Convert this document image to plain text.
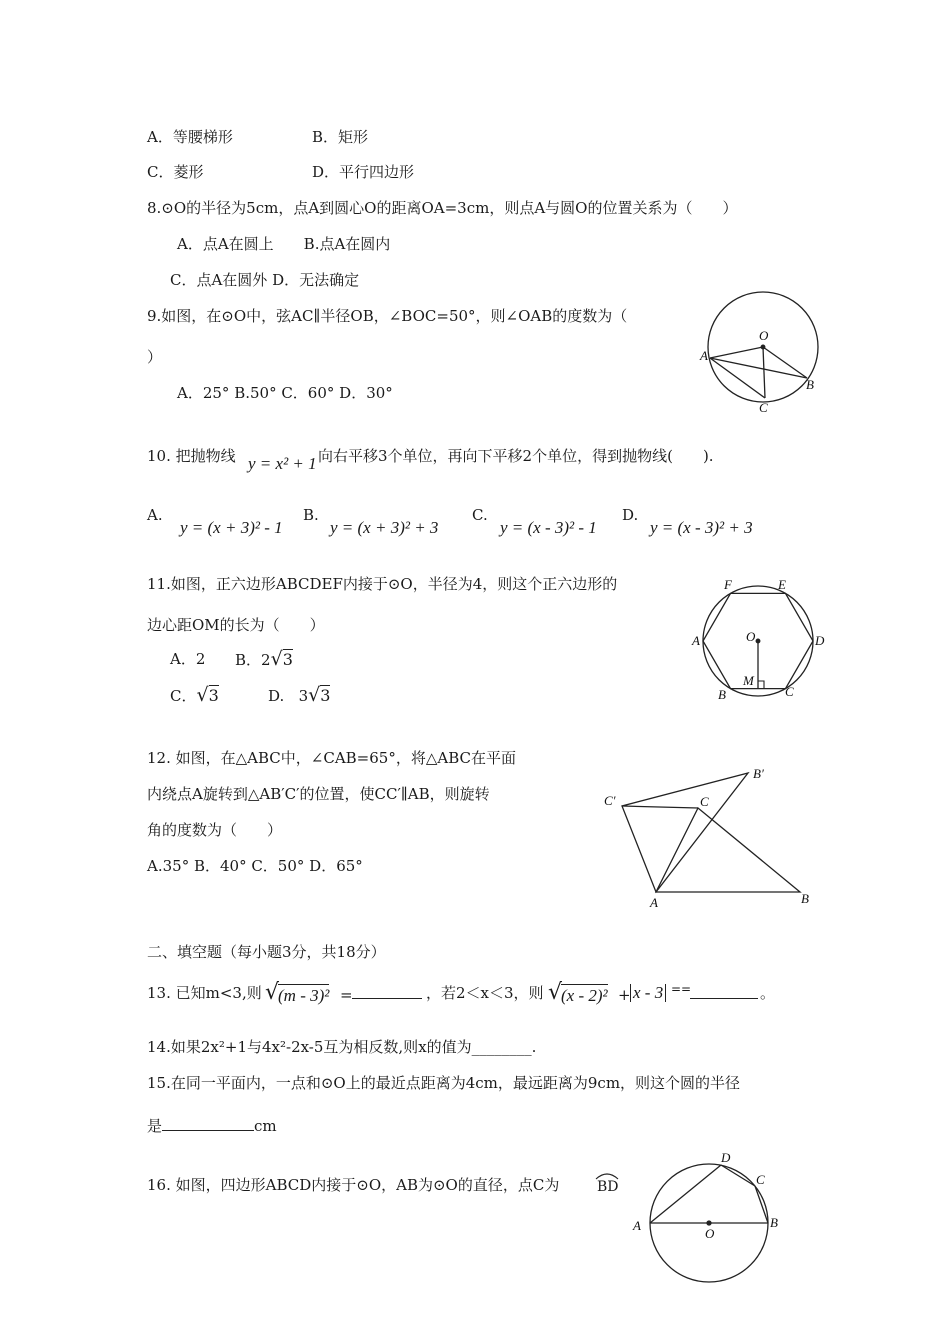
A．等腰梯形	B．矩形
C．菱形	D．平行四边形
8.⊙O的半径为5cm，点A到圆心O的距离OA=3cm，则点A与圆O的位置关系为（　　）
A．点A在圆上　　B.点A在圆内
C．点A在圆外 D．无法确定
9.如图，在⊙O中，弦AC∥半径OB，∠BOC=50°，则∠OAB的度数为（
）
A．25° B.50° C．60° D．30°
O
A
B
C
10. 把抛物线 y = x² + 1 向右平移3个单位，再向下平移2个单位，得到抛物线(　　).
A.
y = (x + 3)² - 1
B.
y = (x + 3)² + 3
C.
y = (x - 3)² - 1
D.
y = (x - 3)² + 3
11.如图，正六边形ABCDEF内接于⊙O，半径为4，则这个正六边形的
边心距OM的长为（　　）
A．2 B．2√3
C．√3	D. 3√3
F	E
A	D
O
M
B	C
12. 如图，在△ABC中，∠CAB=65°，将△ABC在平面
内绕点A旋转到△AB′C′的位置，使CC′∥AB，则旋转
角的度数为（　　）
A.35° B．40° C．50° D．65°
A	B
C
B′
C′
二、填空题（每小题3分，共18分）
13. 已知m<3,则 √
(m - 3)² =	，若2＜x＜3，则 √
(x - 2)² + x - 3 ==	。
14.如果2x²+1与4x²-2x-5互为相反数,则x的值为________.
15.在同一平面内，一点和⊙O上的最近点距离为4cm，最远距离为9cm，则这个圆的半径
是	cm
16. 如图，四边形ABCD内接于⊙O，AB为⊙O的直径，点C为	BD
A	B
C
D
O
